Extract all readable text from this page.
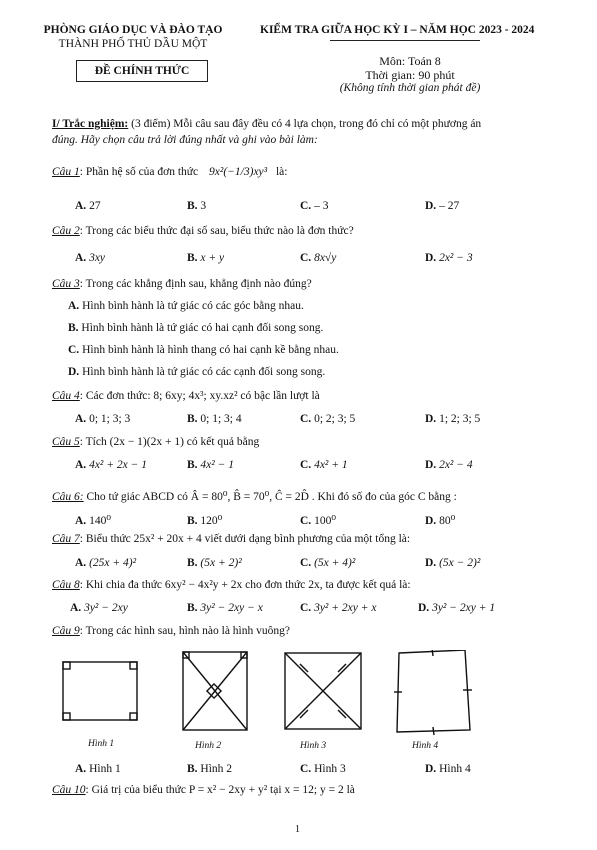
PHÒNG GIÁO DỤC VÀ ĐÀO TẠO
THÀNH PHỐ THỦ DẦU MỘT
ĐỀ CHÍNH THỨC
KIỂM TRA GIỮA HỌC KỲ I – NĂM HỌC 2023 - 2024
Môn: Toán 8
Thời gian: 90 phút
(Không tính thời gian phát đề)
I/ Trắc nghiệm: (3 điểm) Mỗi câu sau đây đều có 4 lựa chọn, trong đó chỉ có một phương án
đúng. Hãy chọn câu trả lời đúng nhất và ghi vào bài làm:
Câu 1: Phần hệ số của đơn thức 9x²(−1/3)xy³ là:
A. 27	B. 3	C. – 3	D. – 27
Câu 2: Trong các biểu thức đại số sau, biểu thức nào là đơn thức?
A. 3xy	B. x + y	C. 8x√y	D. 2x² − 3
Câu 3: Trong các khẳng định sau, khẳng định nào đúng?
A. Hình bình hành là tứ giác có các góc bằng nhau.
B. Hình bình hành là tứ giác có hai cạnh đối song song.
C. Hình bình hành là hình thang có hai cạnh kề bằng nhau.
D. Hình bình hành là tứ giác có các cạnh đối song song.
Câu 4: Các đơn thức: 8; 6xy; 4x³; xy.xz² có bậc lần lượt là
A. 0; 1; 3; 3	B. 0; 1; 3; 4	C. 0; 2; 3; 5	D. 1; 2; 3; 5
Câu 5: Tích (2x − 1)(2x + 1) có kết quả bằng
A. 4x² + 2x − 1	B. 4x² − 1	C. 4x² + 1	D. 2x² − 4
Câu 6: Cho tứ giác ABCD có Â = 80⁰, B̂ = 70⁰, Ĉ = 2D̂ . Khi đó số đo của góc C bằng :
A. 140⁰	B. 120⁰	C. 100⁰	D. 80⁰
Câu 7: Biểu thức 25x² + 20x + 4 viết dưới dạng bình phương của một tổng là:
A. (25x + 4)²	B. (5x + 2)²	C. (5x + 4)²	D. (5x − 2)²
Câu 8: Khi chia đa thức 6xy² − 4x²y + 2x cho đơn thức 2x, ta được kết quả là:
A. 3y² − 2xy	B. 3y² − 2xy − x	C. 3y² + 2xy + x	D. 3y² − 2xy + 1
Câu 9: Trong các hình sau, hình nào là hình vuông?
Hình 1	Hình 2	Hình 3	Hình 4
A. Hình 1	B. Hình 2	C. Hình 3	D. Hình 4
Câu 10: Giá trị của biểu thức P = x² − 2xy + y² tại x = 12; y = 2 là
1
